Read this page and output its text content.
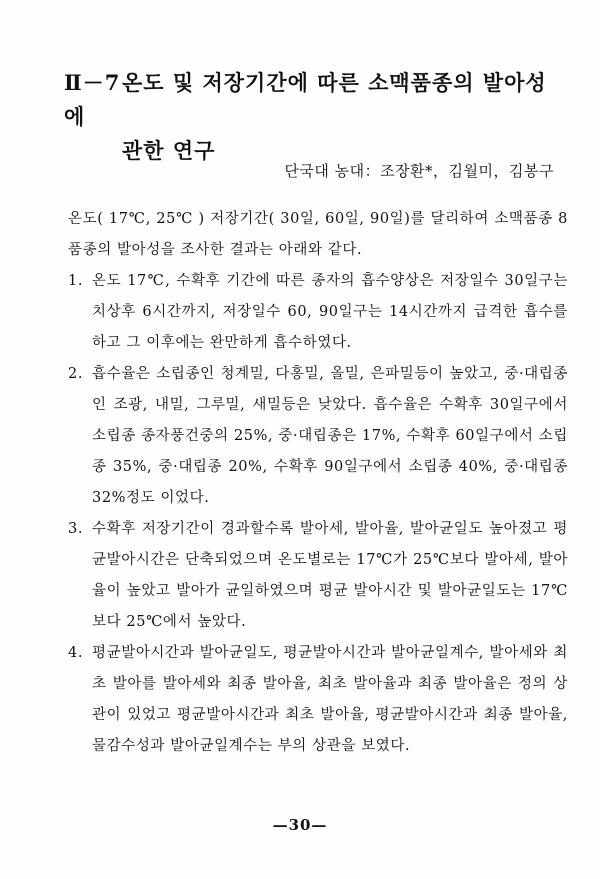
Ⅱ－7온도 및 저장기간에 따른 소맥품종의 발아성에
관한 연구
단국대 농대：조장환*，김월미，김봉구

온도( 17℃, 25℃ ) 저장기간( 30일, 60일, 90일)를 달리하여 소맥품종 8품종의 발아성을 조사한 결과는 아래와 같다.

1. 온도 17℃, 수확후 기간에 따른 종자의 흡수양상은 저장일수 30일구는 치상후 6시간까지, 저장일수 60, 90일구는 14시간까지 급격한 흡수를 하고 그 이후에는 완만하게 흡수하였다.
2. 흡수율은 소립종인 청계밀, 다홍밀, 올밀, 은파밀등이 높았고, 중·대립종인 조광, 내밀, 그루밀, 새밀등은 낮았다. 흡수율은 수확후 30일구에서 소립종 종자풍건중의 25%, 중·대립종은 17%, 수확후 60일구에서 소립종 35%, 중·대립종 20%, 수확후 90일구에서 소립종 40%, 중·대립종 32%정도 이었다.
3. 수확후 저장기간이 경과할수록 발아세, 발아율, 발아균일도 높아졌고 평균발아시간은 단축되었으며 온도별로는 17℃가 25℃보다 발아세, 발아율이 높았고 발아가 균일하였으며 평균 발아시간 및 발아균일도는 17℃보다 25℃에서 높았다.
4. 평균발아시간과 발아균일도, 평균발아시간과 발아균일계수, 발아세와 최초 발아를 발아세와 최종 발아율, 최초 발아율과 최종 발아율은 정의 상관이 있었고 평균발아시간과 최초 발아율, 평균발아시간과 최종 발아율, 물감수성과 발아균일계수는 부의 상관을 보였다.
—30—
